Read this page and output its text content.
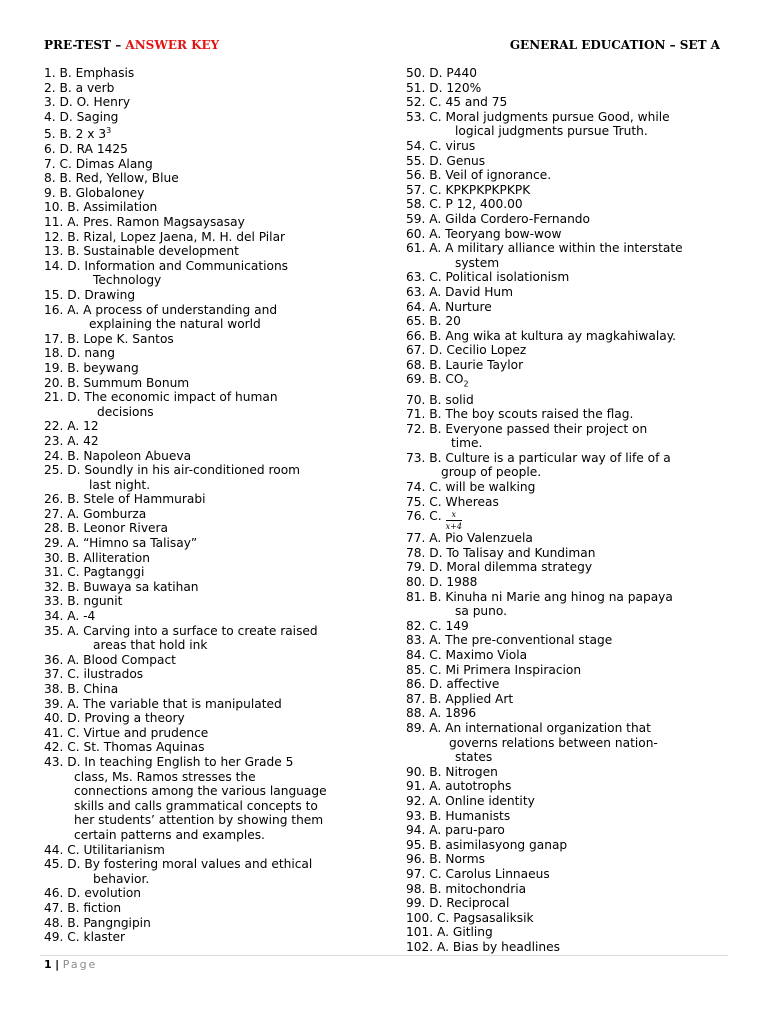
PRE-TEST – ANSWER KEY	GENERAL EDUCATION – SET A
1. B. Emphasis
2. B. a verb
3. D. O. Henry
4. D. Saging
5. B. 2 x $3^3$
6. D. RA 1425
7. C. Dimas Alang
8. B. Red, Yellow, Blue
9. B. Globaloney
10. B. Assimilation
11. A. Pres. Ramon Magsaysasay
12. B. Rizal, Lopez Jaena, M. H. del Pilar
13. B. Sustainable development
14. D. Information and Communications
Technology
15. D. Drawing
16. A. A process of understanding and
explaining the natural world
17. B. Lope K. Santos
18. D. nang
19. B. beywang
20. B. Summum Bonum
21. D. The economic impact of human
decisions
22. A. 12
23. A. 42
24. B. Napoleon Abueva
25. D. Soundly in his air-conditioned room
last night.
26. B. Stele of Hammurabi
27. A. Gomburza
28. B. Leonor Rivera
29. A. “Himno sa Talisay”
30. B. Alliteration
31. C. Pagtanggi
32. B. Buwaya sa katihan
33. B. ngunit
34. A. -4
35. A. Carving into a surface to create raised
areas that hold ink
36. A. Blood Compact
37. C. ilustrados
38. B. China
39. A. The variable that is manipulated
40. D. Proving a theory
41. C. Virtue and prudence
42. C. St. Thomas Aquinas
43. D. In teaching English to her Grade 5
class, Ms. Ramos stresses the
connections among the various language
skills and calls grammatical concepts to
her students’ attention by showing them
certain patterns and examples.
44. C. Utilitarianism
45. D. By fostering moral values and ethical
behavior.
46. D. evolution
47. B. fiction
48. B. Pangngipin
49. C. klaster
50. D. P440
51. D. 120%
52. C. 45 and 75
53. C. Moral judgments pursue Good, while
logical judgments pursue Truth.
54. C. virus
55. D. Genus
56. B. Veil of ignorance.
57. C. KPKPKPKPKPK
58. C. P 12, 400.00
59. A. Gilda Cordero-Fernando
60. A. Teoryang bow-wow
61. A. A military alliance within the interstate
system
63. C. Political isolationism
63. A. David Hum
64. A. Nurture
65. B. 20
66. B. Ang wika at kultura ay magkahiwalay.
67. D. Cecilio Lopez
68. B. Laurie Taylor
69. B. $CO_2$
70. B. solid
71. B. The boy scouts raised the flag.
72. B. Everyone passed their project on
time.
73. B. Culture is a particular way of life of a
group of people.
74. C. will be walking
75. C. Whereas
76. C. $\frac{x}{x+4}$
77. A. Pio Valenzuela
78. D. To Talisay and Kundiman
79. D. Moral dilemma strategy
80. D. 1988
81. B. Kinuha ni Marie ang hinog na papaya
sa puno.
82. C. 149
83. A. The pre-conventional stage
84. C. Maximo Viola
85. C. Mi Primera Inspiracion
86. D. affective
87. B. Applied Art
88. A. 1896
89. A. An international organization that
governs relations between nation-
states
90. B. Nitrogen
91. A. autotrophs
92. A. Online identity
93. B. Humanists
94. A. paru-paro
95. B. asimilasyong ganap
96. B. Norms
97. C. Carolus Linnaeus
98. B. mitochondria
99. D. Reciprocal
100. C. Pagsasaliksik
101. A. Gitling
102. A. Bias by headlines
1 | Page
